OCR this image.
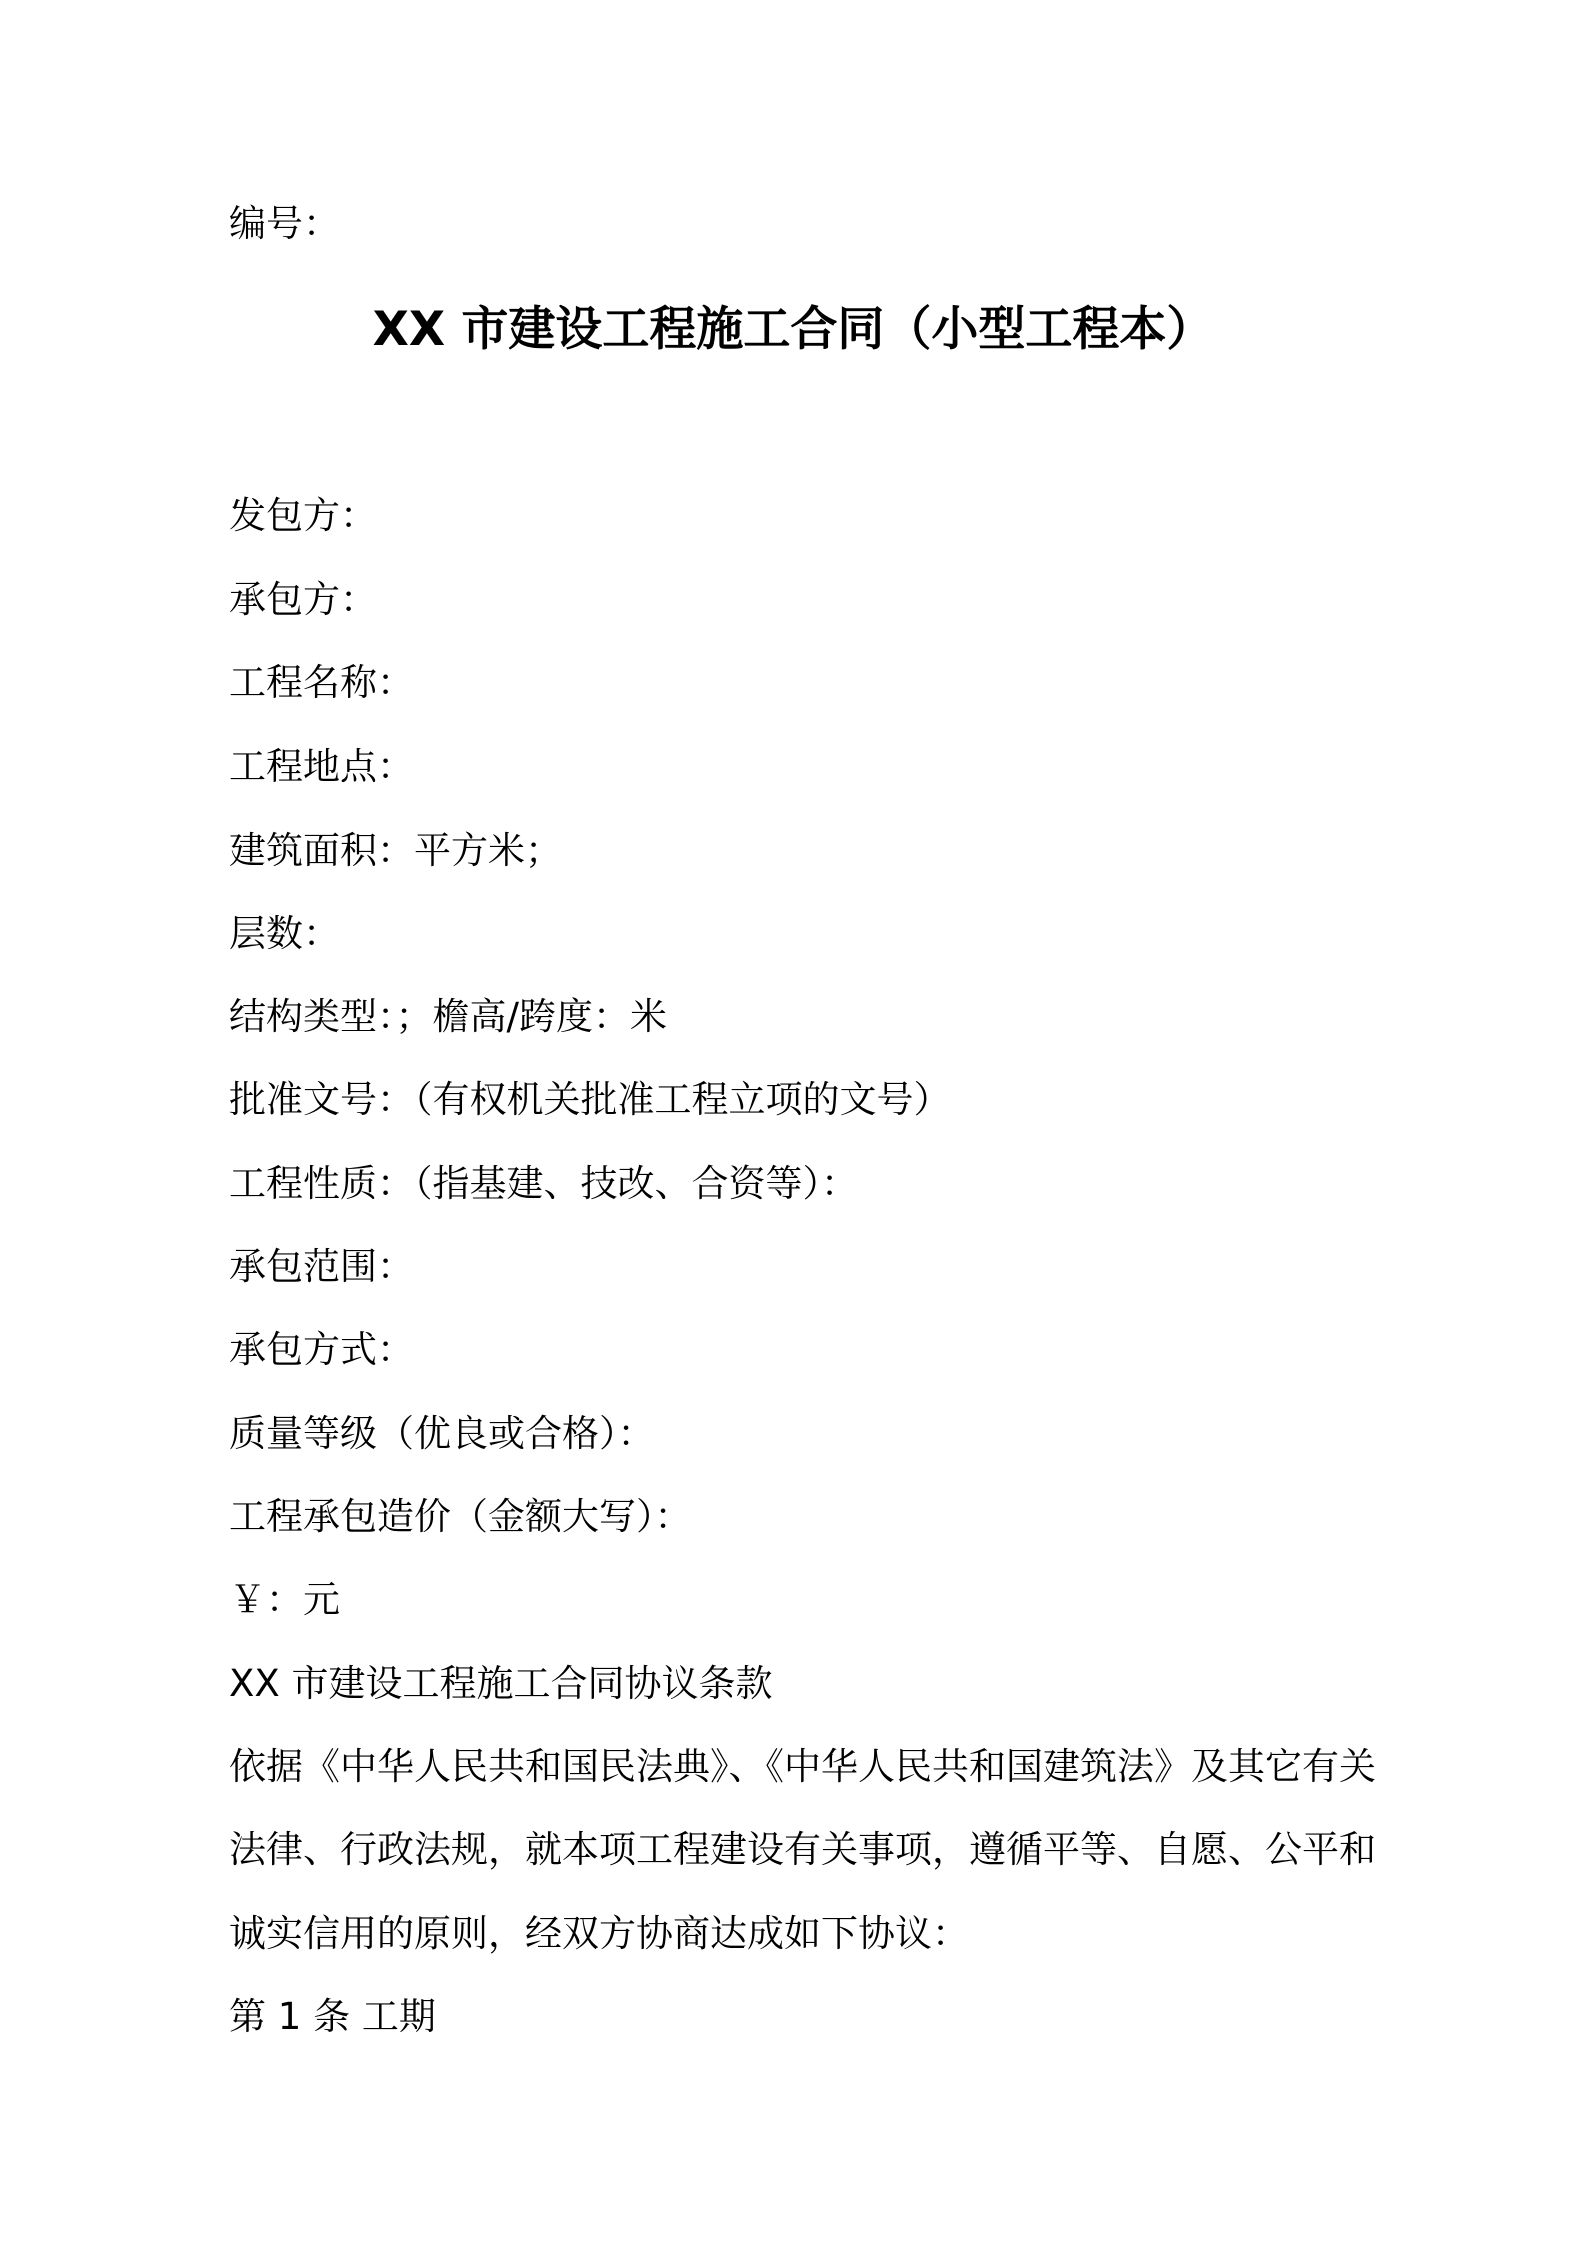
编号：
XX 市建设工程施工合同（小型工程本）
发包方：
承包方：
工程名称：
工程地点：
建筑面积：平方米；
层数：
结构类型：；檐高/跨度：米
批准文号：（有权机关批准工程立项的文号）
工程性质：（指基建、技改、合资等）：
承包范围：
承包方式：
质量等级（优良或合格）：
工程承包造价（金额大写）：
￥：元
XX 市建设工程施工合同协议条款
依据《中华人民共和国民法典》、《中华人民共和国建筑法》及其它有关
法律、行政法规，就本项工程建设有关事项，遵循平等、自愿、公平和
诚实信用的原则，经双方协商达成如下协议：
第 1 条 工期
